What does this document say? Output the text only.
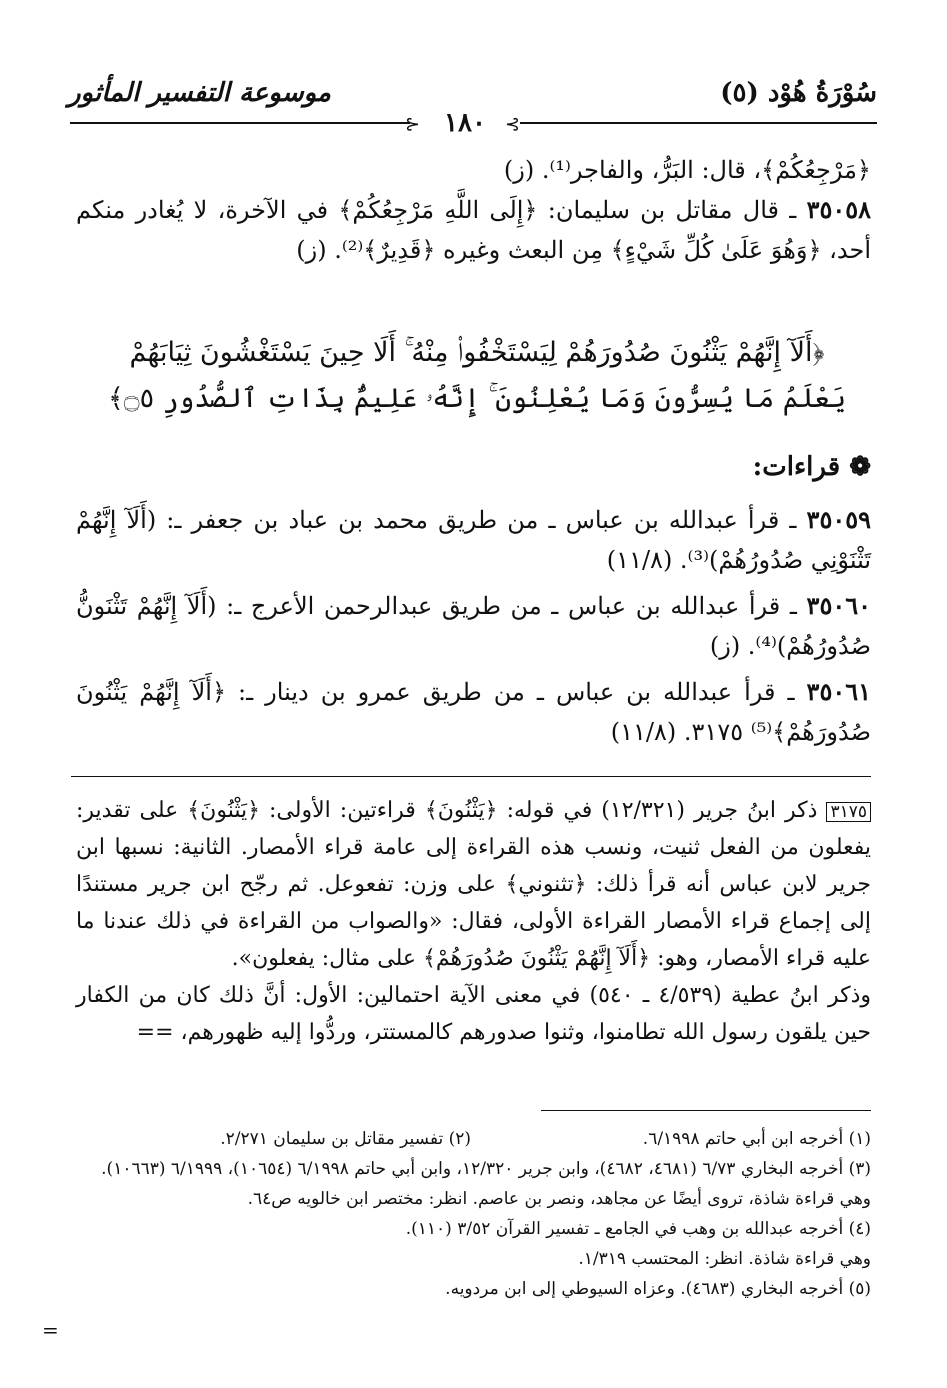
سُوْرَةُ هُوْد (٥)
موسوعة التفسير المأثور
⊰	⊱
١٨٠

﴿مَرْجِعُكُمْ﴾، قال: البَرُّ، والفاجر⁽¹⁾. (ز)

٣٥٠٥٨ ـ قال مقاتل بن سليمان: ﴿إِلَى اللَّهِ مَرْجِعُكُمْ﴾ في الآخرة، لا يُغادر منكم أحد، ﴿وَهُوَ عَلَىٰ كُلِّ شَيْءٍ﴾ مِن البعث وغيره ﴿قَدِيرٌ﴾⁽²⁾. (ز)

﴿أَلَآ إِنَّهُمْ يَثْنُونَ صُدُورَهُمْ لِيَسْتَخْفُوا۟ مِنْهُ ۚ أَلَا حِينَ يَسْتَغْشُونَ ثِيَابَهُمْ
يَعْلَمُ مَا يُسِرُّونَ وَمَا يُعْلِنُونَ ۚ إِنَّهُۥ عَلِيمٌۢ بِذَاتِ ٱلصُّدُورِ ۝٥﴾
❁ قراءات:

٣٥٠٥٩ ـ قرأ عبدالله بن عباس ـ من طريق محمد بن عباد بن جعفر ـ: (أَلَآ إِنَّهُمْ تَثْنَوْنِي صُدُورُهُمْ)⁽³⁾. (١١/٨)

٣٥٠٦٠ ـ قرأ عبدالله بن عباس ـ من طريق عبدالرحمن الأعرج ـ: (أَلَآ إِنَّهُمْ تَثْنَونُّ صُدُورُهُمْ)⁽⁴⁾. (ز)

٣٥٠٦١ ـ قرأ عبدالله بن عباس ـ من طريق عمرو بن دينار ـ: ﴿أَلَآ إِنَّهُمْ يَثْنُونَ صُدُورَهُمْ﴾⁽⁵⁾ ٣١٧٥. (١١/٨)

٣١٧٥ ذكر ابنُ جرير (١٢/٣٢١) في قوله: ﴿يَثْنُونَ﴾ قراءتين: الأولى: ﴿يَثْنُونَ﴾ على تقدير: يفعلون من الفعل ثنيت، ونسب هذه القراءة إلى عامة قراء الأمصار. الثانية: نسبها ابن جرير لابن عباس أنه قرأ ذلك: ﴿تثنوني﴾ على وزن: تفعوعل. ثم رجّح ابن جرير مستندًا إلى إجماع قراء الأمصار القراءة الأولى، فقال: «والصواب من القراءة في ذلك عندنا ما عليه قراء الأمصار، وهو: ﴿أَلَآ إِنَّهُمْ يَثْنُونَ صُدُورَهُمْ﴾ على مثال: يفعلون».

وذكر ابنُ عطية (٤/٥٣٩ ـ ٥٤٠) في معنى الآية احتمالين: الأول: أنَّ ذلك كان من الكفار حين يلقون رسول الله تطامنوا، وثنوا صدورهم كالمستتر، وردُّوا إليه ظهورهم، ==

(١) أخرجه ابن أبي حاتم ٦/١٩٩٨.
(٢) تفسير مقاتل بن سليمان ٢/٢٧١.
(٣) أخرجه البخاري ٦/٧٣ (٤٦٨١، ٤٦٨٢)، وابن جرير ١٢/٣٢٠، وابن أبي حاتم ٦/١٩٩٨ (١٠٦٥٤)، ٦/١٩٩٩ (١٠٦٦٣).
وهي قراءة شاذة، تروى أيضًا عن مجاهد، ونصر بن عاصم. انظر: مختصر ابن خالويه ص٦٤.
(٤) أخرجه عبدالله بن وهب في الجامع ـ تفسير القرآن ٣/٥٢ (١١٠).
وهي قراءة شاذة. انظر: المحتسب ١/٣١٩.
(٥) أخرجه البخاري (٤٦٨٣). وعزاه السيوطي إلى ابن مردويه.
=
